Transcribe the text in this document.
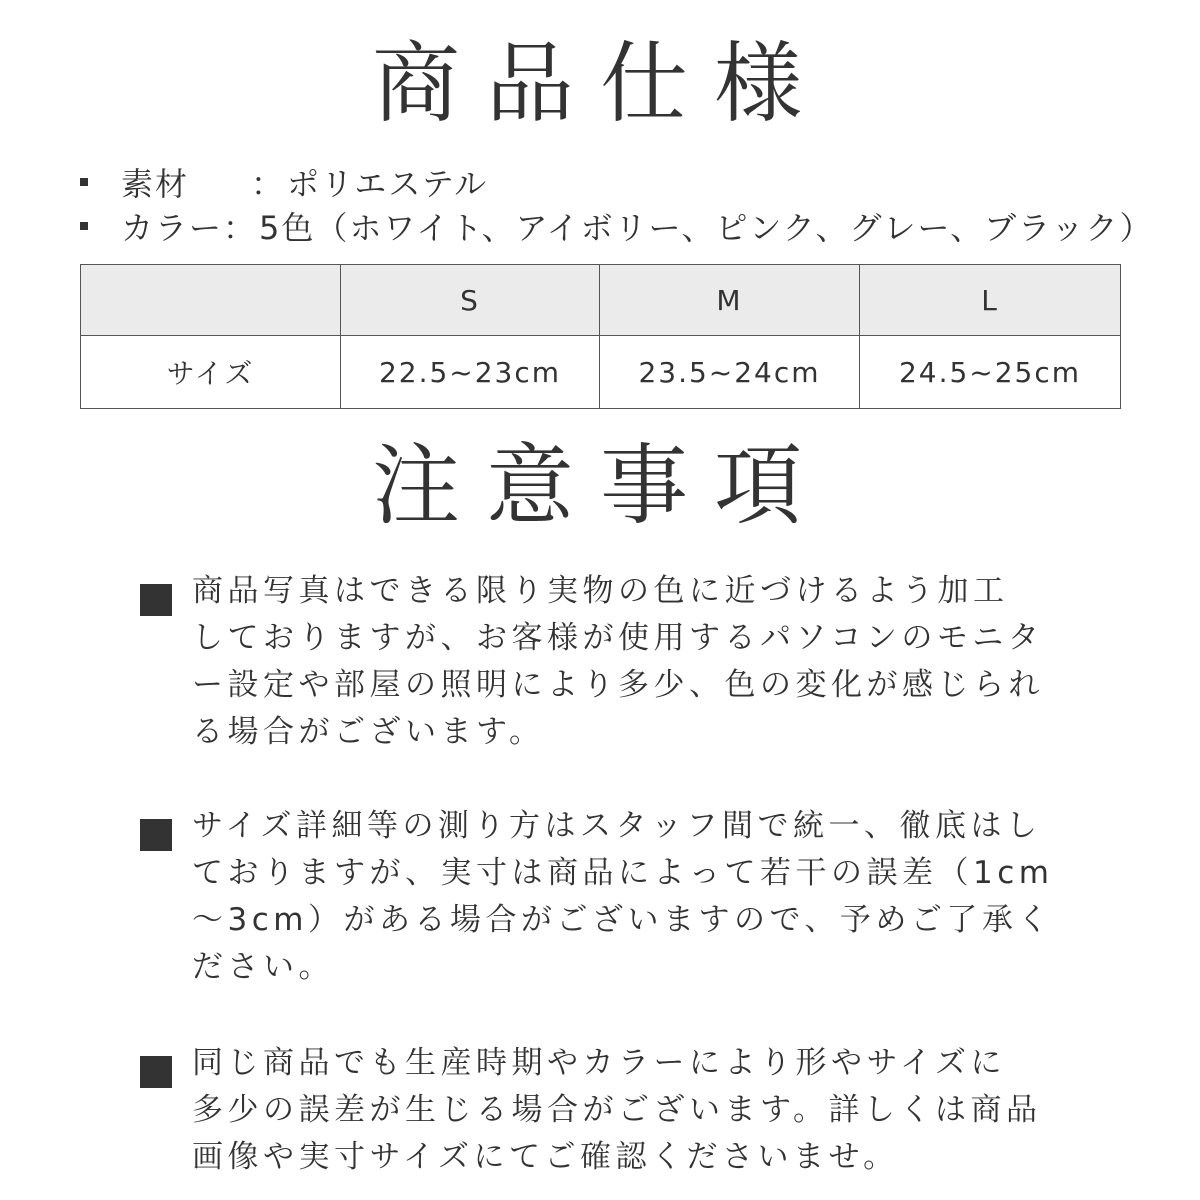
商品仕様
素材	： ポリエステル
カラー ： 5色（ホワイト、アイボリー、ピンク、グレー、ブラック）
	S	M	L
サイズ	22.5~23cm	23.5~24cm	24.5~25cm
注意事項
商品写真はできる限り実物の色に近づけるよう加工
しておりますが、お客様が使用するパソコンのモニタ
ー設定や部屋の照明により多少、色の変化が感じられ
る場合がございます。
サイズ詳細等の測り方はスタッフ間で統一、徹底はし
ておりますが、実寸は商品によって若干の誤差（1cm
～3cm）がある場合がございますので、予めご了承く
ださい。
同じ商品でも生産時期やカラーにより形やサイズに
多少の誤差が生じる場合がございます。詳しくは商品
画像や実寸サイズにてご確認くださいませ。
